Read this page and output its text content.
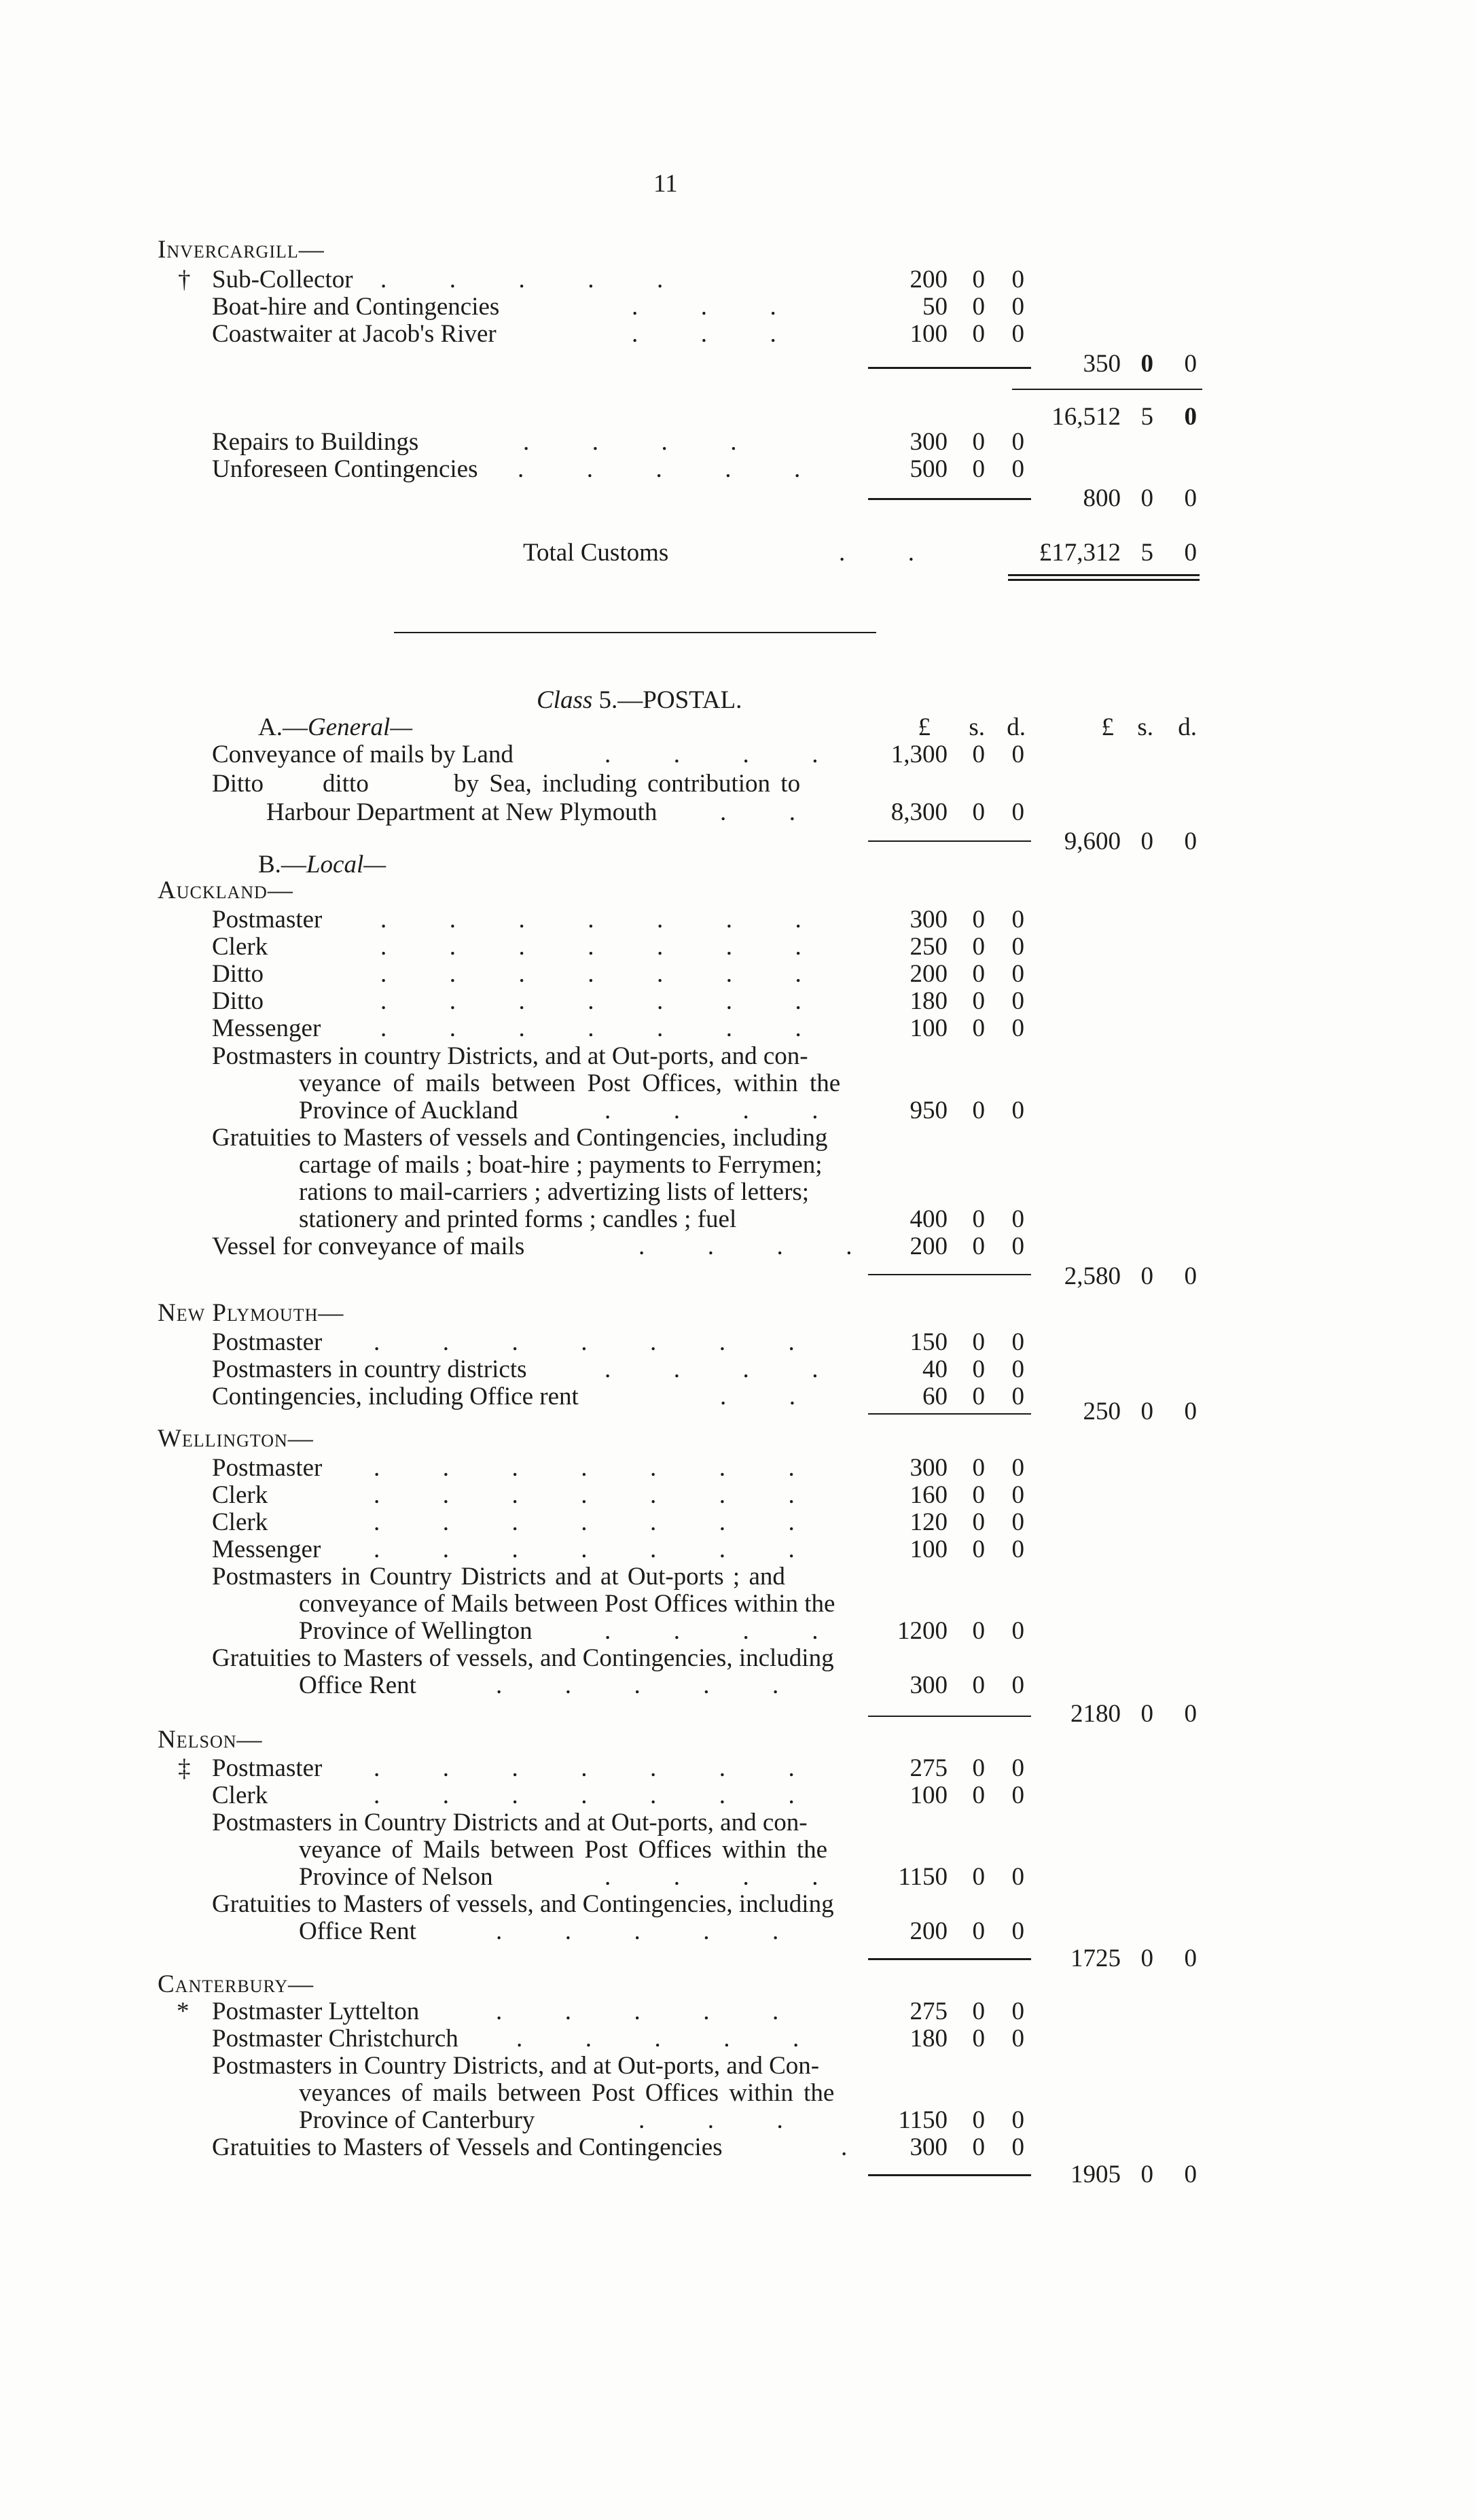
11
Invercargill—
† Sub-Collector .          .          .          .          .	200 0	0
Boat-hire and Contingencies	.          .          .	50 0	0
Coastwaiter at Jacob's River	.          .          .	100 0	0
350 0	0
16,512 5	0
Repairs to Buildings	.          .          .          .	300 0	0
Unforeseen Contingencies .          .          .          .          .	500 0	0
800 0	0
Total Customs	.          .	£17,312 5	0
Class 5.—POSTAL.
A.—General—	£ s. d.	£ s. d.
Conveyance of mails by Land	.          .          .          .	1,300 0	0
Ditto ditto	by Sea, including contribution to
Harbour Department at New Plymouth	.          .	8,300 0	0
9,600 0	0
B.—Local—
Auckland—
Postmaster .          .          .          .          .          .          .	300 0	0
Clerk	.          .          .          .          .          .          .	250 0	0
Ditto	.          .          .          .          .          .          .	200 0	0
Ditto	.          .          .          .          .          .          .	180 0	0
Messenger .          .          .          .          .          .          .	100 0	0
Postmasters in country Districts, and at Out-ports, and con-
veyance of mails between Post Offices, within the
Province of Auckland	.          .          .          .	950 0	0
Gratuities to Masters of vessels and Contingencies, including
cartage of mails ; boat-hire ; payments to Ferrymen;
rations to mail-carriers ; advertizing lists of letters;
stationery and printed forms ; candles ; fuel	400 0	0
Vessel for conveyance of mails	.          .          .          .	200 0	0
2,580 0	0
New Plymouth—
Postmaster .          .          .          .          .          .          .	150 0	0
Postmasters in country districts	.          .          .          .	40 0	0
Contingencies, including Office rent	.          .	60 0	0
250 0	0
Wellington—
Postmaster .          .          .          .          .          .          .	300 0	0
Clerk	.          .          .          .          .          .          .	160 0	0
Clerk	.          .          .          .          .          .          .	120 0	0
Messenger .          .          .          .          .          .          .	100 0	0
Postmasters in Country Districts and at Out-ports ; and
conveyance of Mails between Post Offices within the
Province of Wellington	.          .          .          .	1200 0	0
Gratuities to Masters of vessels, and Contingencies, including
Office Rent	.          .          .          .          .	300 0	0
2180 0	0
Nelson—
‡ Postmaster .          .          .          .          .          .          .	275 0	0
Clerk	.          .          .          .          .          .          .	100 0	0
Postmasters in Country Districts and at Out-ports, and con-
veyance of Mails between Post Offices within the
Province of Nelson	.          .          .          .	1150 0	0
Gratuities to Masters of vessels, and Contingencies, including
Office Rent	.          .          .          .          .	200 0	0
1725 0	0
Canterbury—
* Postmaster Lyttelton	.          .          .          .          .	275 0	0
Postmaster Christchurch .          .          .          .          .	180 0	0
Postmasters in Country Districts, and at Out-ports, and Con-
veyances of mails between Post Offices within the
Province of Canterbury	.          .          .	1150 0	0
Gratuities to Masters of Vessels and Contingencies	.	300 0	0
1905 0	0
